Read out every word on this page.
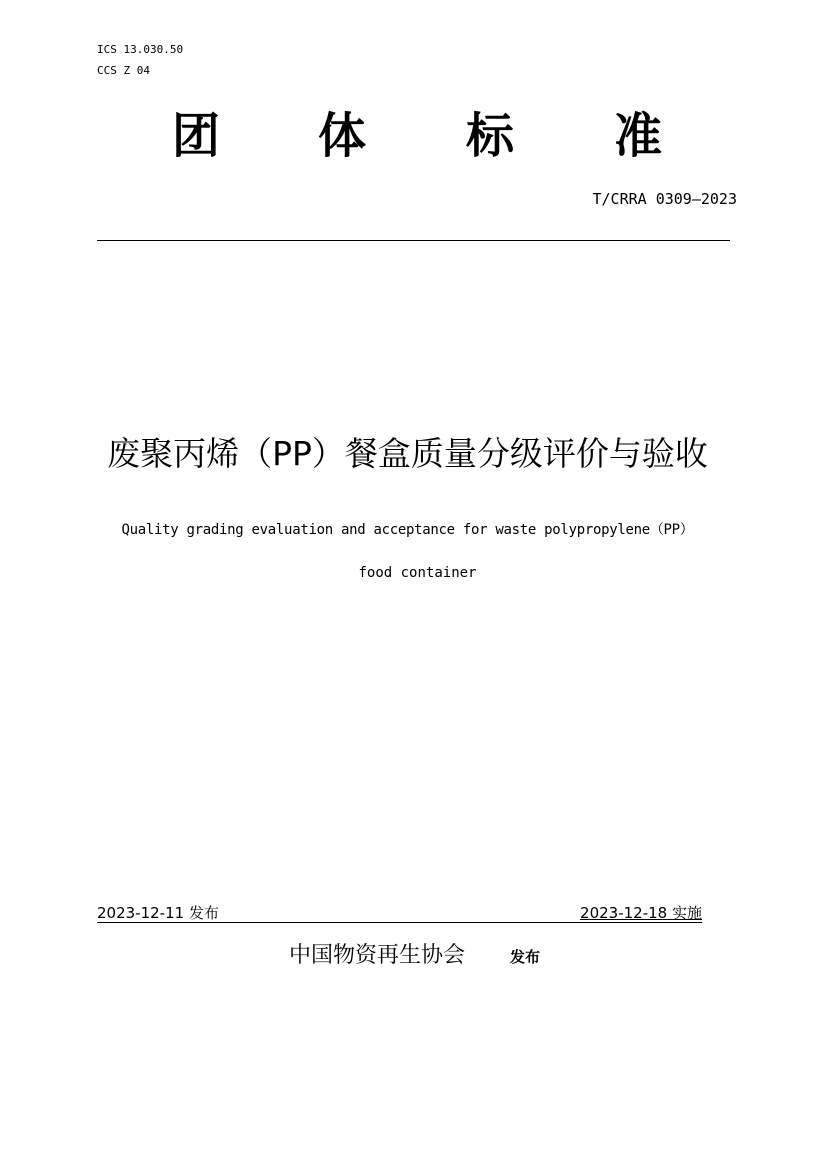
ICS 13.030.50
CCS Z 04
团 体 标 准
T/CRRA 0309—2023
废聚丙烯（PP）餐盒质量分级评价与验收
Quality grading evaluation and acceptance for waste polypropylene（PP）
food container
2023-12-11 发布	2023-12-18 实施
中国物资再生协会	发布
